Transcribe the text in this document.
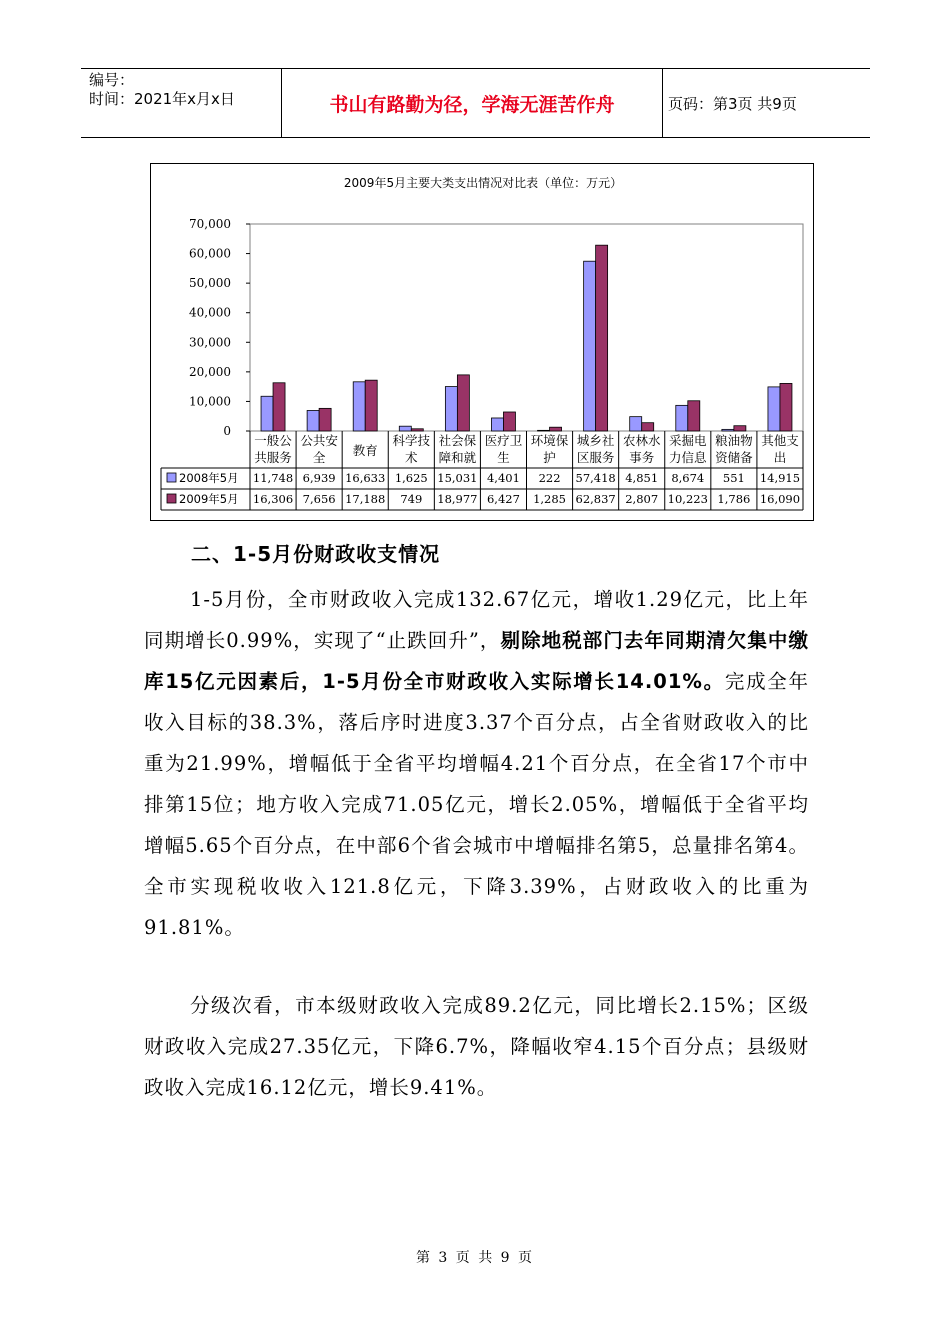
编号：
时间：2021年x月x日	书山有路勤为径，学海无涯苦作舟	页码：第3页 共9页
2009年5月主要大类支出情况对比表（单位：万元）
0
10,000
20,000
30,000
40,000
50,000
60,000
70,000
一般公
共服务
公共安
全 教育
科学技
术
社会保
障和就
医疗卫
生
环境保
护
城乡社
区服务
农林水
事务
采掘电
力信息
粮油物
资储备
其他支
出
2008年5月 11,748 6,939 16,633 1,625 15,031 4,401 222 57,418 4,851 8,674 551 14,915
2009年5月 16,306 7,656 17,188 749 18,977 6,427 1,285 62,837 2,807 10,223 1,786 16,090
二、1-5月份财政收支情况
1-5月份，全市财政收入完成132.67亿元，增收1.29亿元，比上年同期增长0.99%，实现了“止跌回升”，剔除地税部门去年同期清欠集中缴库15亿元因素后，1-5月份全市财政收入实际增长14.01%。完成全年收入目标的38.3%，落后序时进度3.37个百分点，占全省财政收入的比重为21.99%，增幅低于全省平均增幅4.21个百分点，在全省17个市中排第15位；地方收入完成71.05亿元，增长2.05%，增幅低于全省平均增幅5.65个百分点，在中部6个省会城市中增幅排名第5，总量排名第4。全市实现税收收入121.8亿元，下降3.39%，占财政收入的比重为91.81%。
分级次看，市本级财政收入完成89.2亿元，同比增长2.15%；区级财政收入完成27.35亿元，下降6.7%，降幅收窄4.15个百分点；县级财政收入完成16.12亿元，增长9.41%。
第 3 页 共 9 页
